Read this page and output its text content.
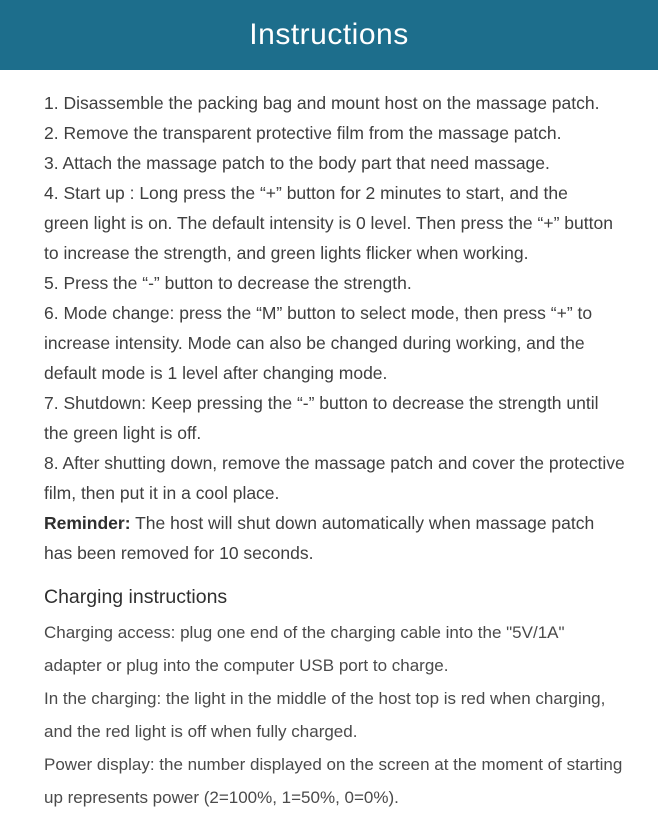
Instructions
1. Disassemble the packing bag and mount host on the massage patch.
2. Remove the transparent protective film from the massage patch.
3. Attach the massage patch to the body part that need massage.
4. Start up : Long press the “+” button for 2 minutes to start, and the
green light is on. The default intensity is 0 level. Then press the “+” button
to increase the strength, and green lights flicker when working.
5. Press the “-” button to decrease the strength.
6. Mode change: press the “M” button to select mode, then press “+” to
increase intensity. Mode can also be changed during working, and the
default mode is 1 level after changing mode.
7. Shutdown: Keep pressing the “-” button to decrease the strength until
the green light is off.
8. After shutting down, remove the massage patch and cover the protective
film, then put it in a cool place.
Reminder: The host will shut down automatically when massage patch
has been removed for 10 seconds.
Charging instructions
Charging access: plug one end of the charging cable into the "5V/1A"
adapter or plug into the computer USB port to charge.
In the charging: the light in the middle of the host top is red when charging,
and the red light is off when fully charged.
Power display: the number displayed on the screen at the moment of starting
up represents power (2=100%, 1=50%, 0=0%).
